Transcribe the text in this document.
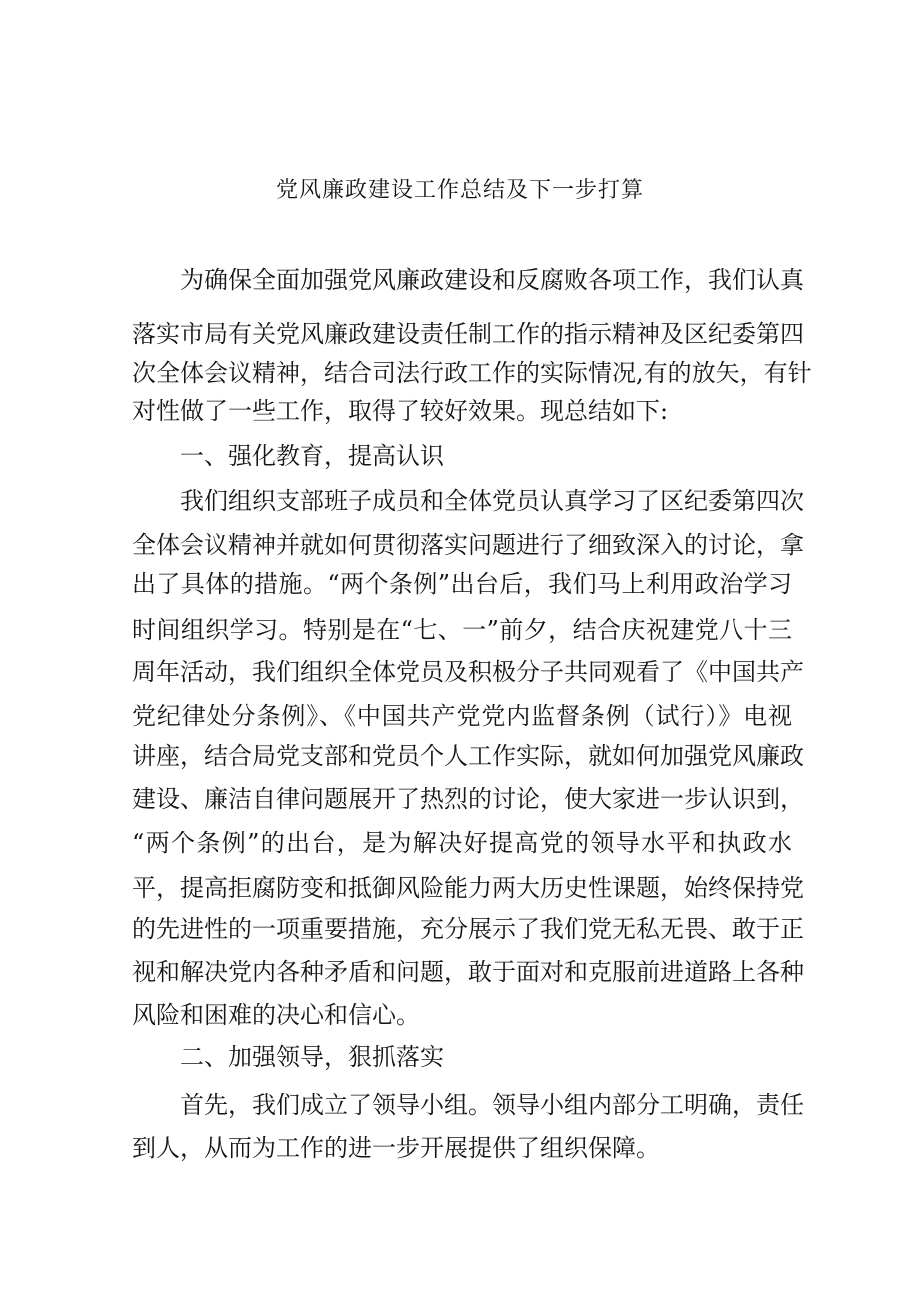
党风廉政建设工作总结及下一步打算
为确保全面加强党风廉政建设和反腐败各项工作，我们认真
落实市局有关党风廉政建设责任制工作的指示精神及区纪委第四
次全体会议精神，结合司法行政工作的实际情况,有的放矢，有针
对性做了一些工作，取得了较好效果。现总结如下:
一、强化教育，提高认识
我们组织支部班子成员和全体党员认真学习了区纪委第四次
全体会议精神并就如何贯彻落实问题进行了细致深入的讨论，拿
出了具体的措施。“两个条例”出台后，我们马上利用政治学习
时间组织学习。特别是在“七、一”前夕，结合庆祝建党八十三
周年活动，我们组织全体党员及积极分子共同观看了《中国共产
党纪律处分条例》、《中国共产党党内监督条例（试行）》电视
讲座，结合局党支部和党员个人工作实际，就如何加强党风廉政
建设、廉洁自律问题展开了热烈的讨论，使大家进一步认识到，
“两个条例”的出台，是为解决好提高党的领导水平和执政水
平，提高拒腐防变和抵御风险能力两大历史性课题，始终保持党
的先进性的一项重要措施，充分展示了我们党无私无畏、敢于正
视和解决党内各种矛盾和问题，敢于面对和克服前进道路上各种
风险和困难的决心和信心。
二、加强领导，狠抓落实
首先，我们成立了领导小组。领导小组内部分工明确，责任
到人，从而为工作的进一步开展提供了组织保障。
